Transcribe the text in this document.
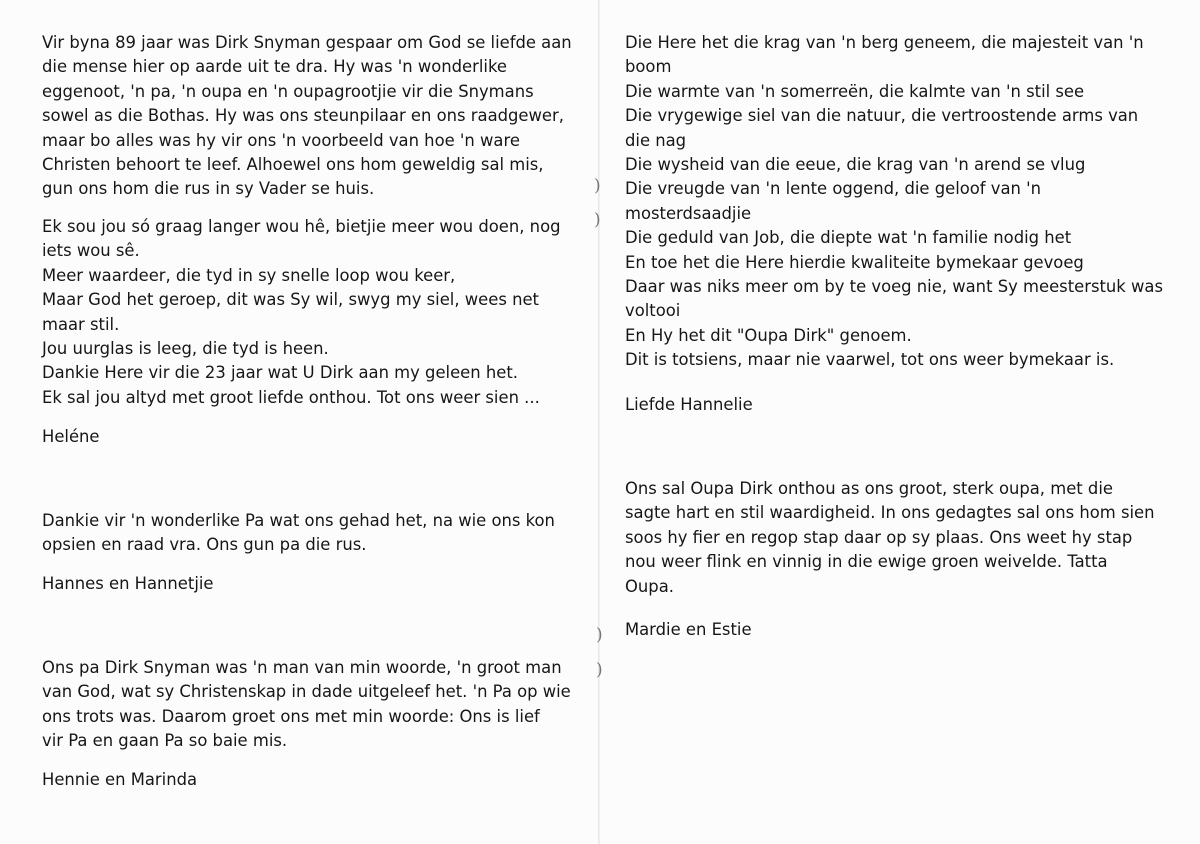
)
)
)
)

Vir byna 89 jaar was Dirk Snyman gespaar om God se liefde aan
die mense hier op aarde uit te dra. Hy was 'n wonderlike
eggenoot, 'n pa, 'n oupa en 'n oupagrootjie vir die Snymans
sowel as die Bothas. Hy was ons steunpilaar en ons raadgewer,
maar bo alles was hy vir ons 'n voorbeeld van hoe 'n ware
Christen behoort te leef. Alhoewel ons hom geweldig sal mis,
gun ons hom die rus in sy Vader se huis.

Ek sou jou só graag langer wou hê, bietjie meer wou doen, nog
iets wou sê.
Meer waardeer, die tyd in sy snelle loop wou keer,
Maar God het geroep, dit was Sy wil, swyg my siel, wees net
maar stil.
Jou uurglas is leeg, die tyd is heen.
Dankie Here vir die 23 jaar wat U Dirk aan my geleen het.
Ek sal jou altyd met groot liefde onthou. Tot ons weer sien ...

Heléne

Dankie vir 'n wonderlike Pa wat ons gehad het, na wie ons kon
opsien en raad vra. Ons gun pa die rus.

Hannes en Hannetjie

Ons pa Dirk Snyman was 'n man van min woorde, 'n groot man
van God, wat sy Christenskap in dade uitgeleef het. 'n Pa op wie
ons trots was. Daarom groet ons met min woorde: Ons is lief
vir Pa en gaan Pa so baie mis.

Hennie en Marinda

Die Here het die krag van 'n berg geneem, die majesteit van 'n
boom
Die warmte van 'n somerreën, die kalmte van 'n stil see
Die vrygewige siel van die natuur, die vertroostende arms van
die nag
Die wysheid van die eeue, die krag van 'n arend se vlug
Die vreugde van 'n lente oggend, die geloof van 'n
mosterdsaadjie
Die geduld van Job, die diepte wat 'n familie nodig het
En toe het die Here hierdie kwaliteite bymekaar gevoeg
Daar was niks meer om by te voeg nie, want Sy meesterstuk was
voltooi
En Hy het dit "Oupa Dirk" genoem.
Dit is totsiens, maar nie vaarwel, tot ons weer bymekaar is.

Liefde Hannelie

Ons sal Oupa Dirk onthou as ons groot, sterk oupa, met die
sagte hart en stil waardigheid. In ons gedagtes sal ons hom sien
soos hy fier en regop stap daar op sy plaas. Ons weet hy stap
nou weer flink en vinnig in die ewige groen weivelde. Tatta
Oupa.

Mardie en Estie
